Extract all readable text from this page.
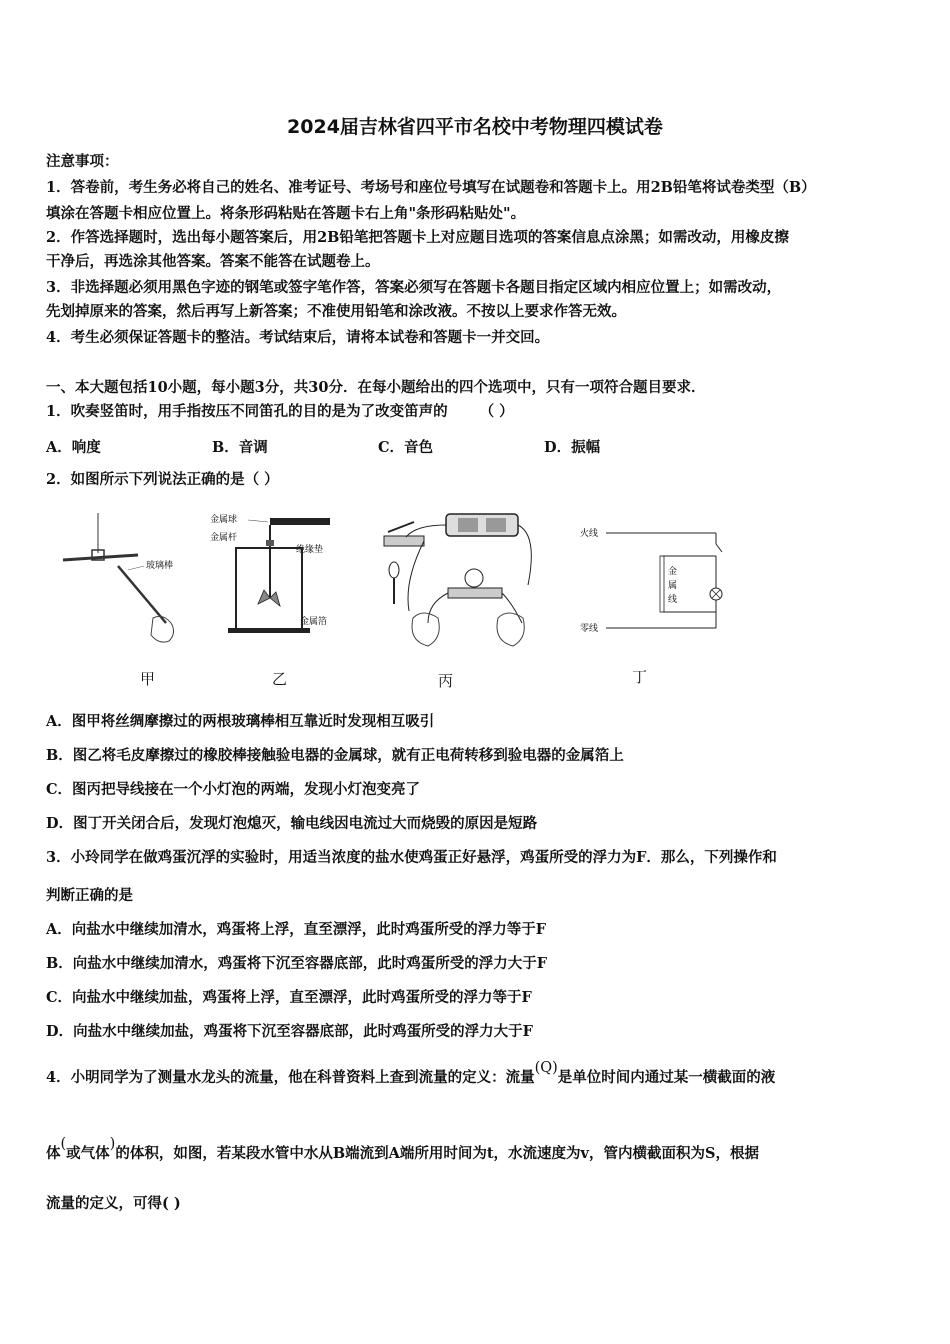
2024届吉林省四平市名校中考物理四模试卷
注意事项：
1．答卷前，考生务必将自己的姓名、准考证号、考场号和座位号填写在试题卷和答题卡上。用2B铅笔将试卷类型（B）
填涂在答题卡相应位置上。将条形码粘贴在答题卡右上角"条形码粘贴处"。
2．作答选择题时，选出每小题答案后，用2B铅笔把答题卡上对应题目选项的答案信息点涂黑；如需改动，用橡皮擦
干净后，再选涂其他答案。答案不能答在试题卷上。
3．非选择题必须用黑色字迹的钢笔或签字笔作答，答案必须写在答题卡各题目指定区域内相应位置上；如需改动，
先划掉原来的答案，然后再写上新答案；不准使用铅笔和涂改液。不按以上要求作答无效。
4．考生必须保证答题卡的整洁。考试结束后，请将本试卷和答题卡一并交回。
一、本大题包括10小题，每小题3分，共30分．在每小题给出的四个选项中，只有一项符合题目要求．
1．吹奏竖笛时，用手指按压不同笛孔的目的是为了改变笛声的 （ ）
A．响度	B．音调	C．音色	D．振幅
2．如图所示下列说法正确的是（ ）
玻璃棒
甲
金属球
金属杆
绝缘垫
金属箔
乙	丙
火线
零线
金
属
线
丁
A．图甲将丝绸摩擦过的两根玻璃棒相互靠近时发现相互吸引
B．图乙将毛皮摩擦过的橡胶棒接触验电器的金属球，就有正电荷转移到验电器的金属箔上
C．图丙把导线接在一个小灯泡的两端，发现小灯泡变亮了
D．图丁开关闭合后，发现灯泡熄灭，输电线因电流过大而烧毁的原因是短路
3．小玲同学在做鸡蛋沉浮的实验时，用适当浓度的盐水使鸡蛋正好悬浮，鸡蛋所受的浮力为F．那么，下列操作和
判断正确的是
A．向盐水中继续加清水，鸡蛋将上浮，直至漂浮，此时鸡蛋所受的浮力等于F
B．向盐水中继续加清水，鸡蛋将下沉至容器底部，此时鸡蛋所受的浮力大于F
C．向盐水中继续加盐，鸡蛋将上浮，直至漂浮，此时鸡蛋所受的浮力等于F
D．向盐水中继续加盐，鸡蛋将下沉至容器底部，此时鸡蛋所受的浮力大于F
4．小明同学为了测量水龙头的流量，他在科普资料上查到流量的定义：流量(Q)是单位时间内通过某一横截面的液
体(或气体)的体积，如图，若某段水管中水从B端流到A端所用时间为t，水流速度为v，管内横截面积为S，根据
流量的定义，可得( )
